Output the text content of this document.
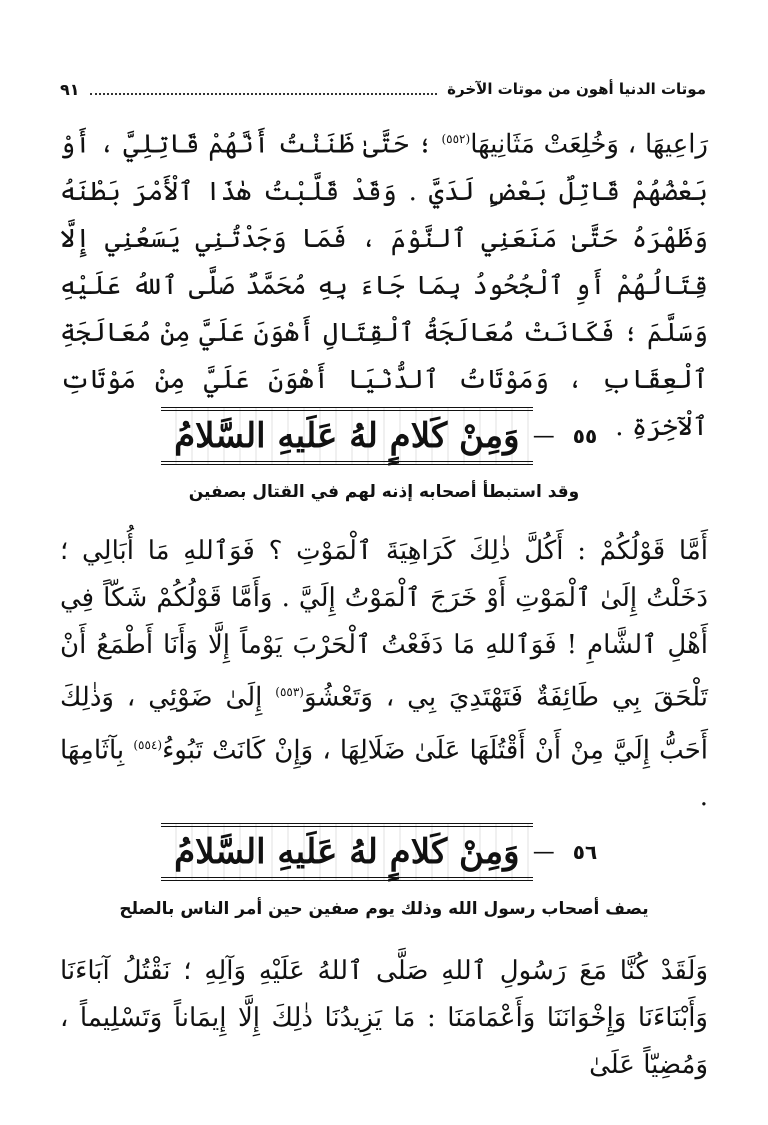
موتات الدنيا أهون من موتات الآخرة
٩١
رَاعِيهَا ، وَخُلِعَتْ مَثَانِيهَا$^{(٥٥٢)}$ ؛ حَتَّىٰ ظَنَنْتُ أَنَّهُمْ قَاتِلِيَّ ، أَوْ بَعْضُهُمْ قَاتِلٌ بَعْضٍ لَدَيَّ . وَقَدْ قَلَّبْتُ هٰذَا ٱلْأَمْرَ بَطْنَهُ وَظَهْرَهُ حَتَّىٰ مَنَعَنِي ٱلنَّوْمَ ، فَمَا وَجَدْتُنِي يَسَعُنِي إِلَّا قِتَالُهُمْ أَوِ ٱلْجُحُودُ بِمَا جَاءَ بِهِ مُحَمَّدٌ صَلَّى ٱللهُ عَلَيْهِ وَسَلَّمَ ؛ فَكَانَتْ مُعَالَجَةُ ٱلْقِتَالِ أَهْوَنَ عَلَيَّ مِنْ مُعَالَجَةِ ٱلْعِقَابِ ، وَمَوْتَاتُ ٱلدُّنْيَا أَهْوَنَ عَلَيَّ مِنْ مَوْتَاتِ ٱلْآخِرَةِ .
٥٥
—
وَمِنْ كَلامٍ لهُ عَلَيهِ السَّلامُ
وقد استبطأ أصحابه إذنه لهم في القتال بصفين
أَمَّا قَوْلُكُمْ : أَكُلَّ ذٰلِكَ كَرَاهِيَةَ ٱلْمَوْتِ ؟ فَوَٱللهِ مَا أُبَالِي ؛ دَخَلْتُ إِلَىٰ ٱلْمَوْتِ أَوْ خَرَجَ ٱلْمَوْتُ إِلَيَّ . وَأَمَّا قَوْلُكُمْ شَكّاً فِي أَهْلِ ٱلشَّامِ ! فَوَٱللهِ مَا دَفَعْتُ ٱلْحَرْبَ يَوْماً إِلَّا وَأَنَا أَطْمَعُ أَنْ تَلْحَقَ بِي طَائِفَةٌ فَتَهْتَدِيَ بِي ، وَتَعْشُوَ$^{(٥٥٣)}$ إِلَىٰ ضَوْئِي ، وَذٰلِكَ أَحَبُّ إِلَيَّ مِنْ أَنْ أَقْتُلَهَا عَلَىٰ ضَلَالِهَا ، وَإِنْ كَانَتْ تَبُوءُ$^{(٥٥٤)}$ بِآثَامِهَا .
٥٦
—
وَمِنْ كَلامٍ لهُ عَلَيهِ السَّلامُ
يصف أصحاب رسول الله وذلك يوم صفين حين أمر الناس بالصلح
وَلَقَدْ كُنَّا مَعَ رَسُولِ ٱللهِ صَلَّى ٱللهُ عَلَيْهِ وَآلِهِ ؛ نَقْتُلُ آبَاءَنَا وَأَبْنَاءَنَا وَإِخْوَانَنَا وَأَعْمَامَنَا : مَا يَزِيدُنَا ذٰلِكَ إِلَّا إِيمَاناً وَتَسْلِيماً ، وَمُضِيّاً عَلَىٰ
